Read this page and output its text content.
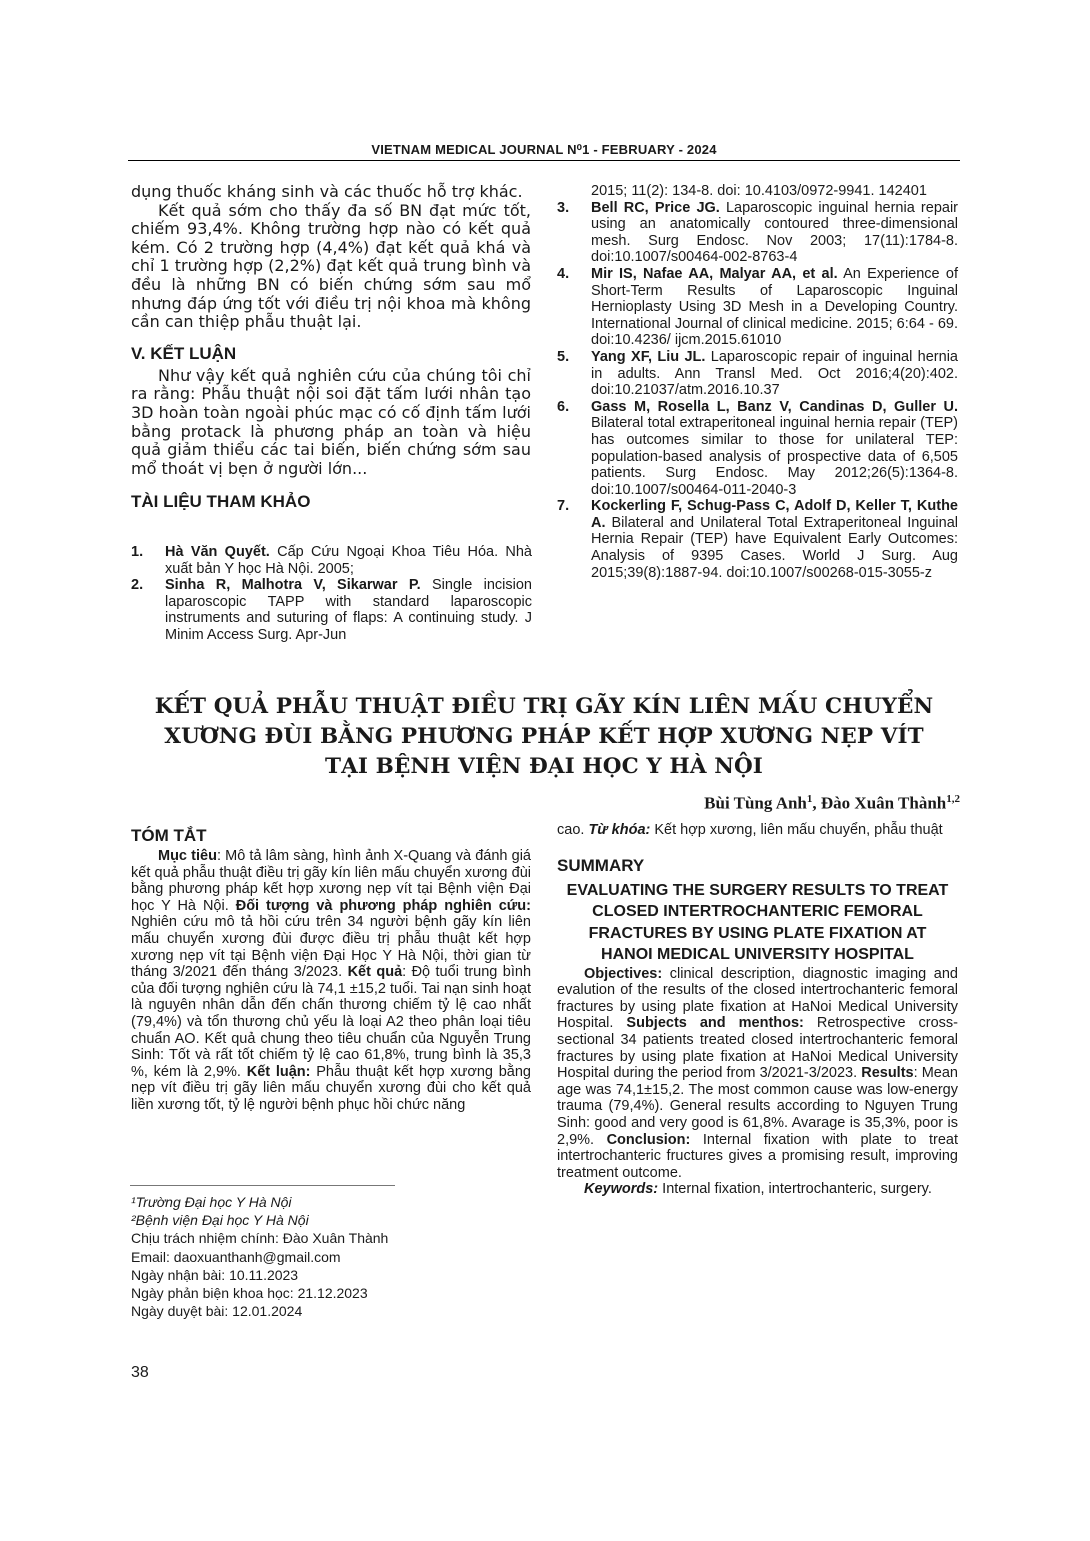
VIETNAM MEDICAL JOURNAL N⁰1 - FEBRUARY - 2024

dụng thuốc kháng sinh và các thuốc hỗ trợ khác.

Kết quả sớm cho thấy đa số BN đạt mức tốt, chiếm 93,4%. Không trường hợp nào có kết quả kém. Có 2 trường hợp (4,4%) đạt kết quả khá và chỉ 1 trường hợp (2,2%) đạt kết quả trung bình và đều là những BN có biến chứng sớm sau mổ nhưng đáp ứng tốt với điều trị nội khoa mà không cần can thiệp phẫu thuật lại.

V. KẾT LUẬN

Như vậy kết quả nghiên cứu của chúng tôi chỉ ra rằng: Phẫu thuật nội soi đặt tấm lưới nhân tạo 3D hoàn toàn ngoài phúc mạc có cố định tấm lưới bằng protack là phương pháp an toàn và hiệu quả giảm thiểu các tai biến, biến chứng sớm sau mổ thoát vị bẹn ở người lớn...

TÀI LIỆU THAM KHẢO

1. Hà Văn Quyết. Cấp Cứu Ngoại Khoa Tiêu Hóa. Nhà xuất bản Y học Hà Nội. 2005;
2. Sinha R, Malhotra V, Sikarwar P. Single incision laparoscopic TAPP with standard laparoscopic instruments and suturing of flaps: A continuing study. J Minim Access Surg. Apr-Jun
2015; 11(2): 134-8. doi: 10.4103/0972-9941. 142401
3. Bell RC, Price JG. Laparoscopic inguinal hernia repair using an anatomically contoured three-dimensional mesh. Surg Endosc. Nov 2003; 17(11):1784-8. doi:10.1007/s00464-002-8763-4
4. Mir IS, Nafae AA, Malyar AA, et al. An Experience of Short-Term Results of Laparoscopic Inguinal Hernioplasty Using 3D Mesh in a Developing Country. International Journal of clinical medicine. 2015; 6:64 - 69. doi:10.4236/ ijcm.2015.61010
5. Yang XF, Liu JL. Laparoscopic repair of inguinal hernia in adults. Ann Transl Med. Oct 2016;4(20):402. doi:10.21037/atm.2016.10.37
6. Gass M, Rosella L, Banz V, Candinas D, Guller U. Bilateral total extraperitoneal inguinal hernia repair (TEP) has outcomes similar to those for unilateral TEP: population-based analysis of prospective data of 6,505 patients. Surg Endosc. May 2012;26(5):1364-8. doi:10.1007/s00464-011-2040-3
7. Kockerling F, Schug-Pass C, Adolf D, Keller T, Kuthe A. Bilateral and Unilateral Total Extraperitoneal Inguinal Hernia Repair (TEP) have Equivalent Early Outcomes: Analysis of 9395 Cases. World J Surg. Aug 2015;39(8):1887-94. doi:10.1007/s00268-015-3055-z
KẾT QUẢ PHẪU THUẬT ĐIỀU TRỊ GÃY KÍN LIÊN MẤU CHUYỂN
XƯƠNG ĐÙI BẰNG PHƯƠNG PHÁP KẾT HỢP XƯƠNG NẸP VÍT
TẠI BỆNH VIỆN ĐẠI HỌC Y HÀ NỘI
Bùi Tùng Anh$^1$, Đào Xuân Thành$^{1,2}$

TÓM TẮT

Mục tiêu: Mô tả lâm sàng, hình ảnh X-Quang và đánh giá kết quả phẫu thuật điều trị gãy kín liên mấu chuyển xương đùi bằng phương pháp kết hợp xương nẹp vít tại Bệnh viện Đại học Y Hà Nội. Đối tượng và phương pháp nghiên cứu: Nghiên cứu mô tả hồi cứu trên 34 người bệnh gãy kín liên mấu chuyển xương đùi được điều trị phẫu thuật kết hợp xương nẹp vít tại Bệnh viện Đại Học Y Hà Nội, thời gian từ tháng 3/2021 đến tháng 3/2023. Kết quả: Độ tuổi trung bình của đối tượng nghiên cứu là 74,1 ±15,2 tuổi. Tai nạn sinh hoạt là nguyên nhân dẫn đến chấn thương chiếm tỷ lệ cao nhất (79,4%) và tổn thương chủ yếu là loại A2 theo phân loại tiêu chuẩn AO. Kết quả chung theo tiêu chuẩn của Nguyễn Trung Sinh: Tốt và rất tốt chiếm tỷ lệ cao 61,8%, trung bình là 35,3 %, kém là 2,9%. Kết luận: Phẫu thuật kết hợp xương bằng nẹp vít điều trị gãy liên mấu chuyển xương đùi cho kết quả liền xương tốt, tỷ lệ người bệnh phục hồi chức năng

¹Trường Đại học Y Hà Nội
²Bệnh viện Đại học Y Hà Nội
Chịu trách nhiệm chính: Đào Xuân Thành
Email: daoxuanthanh@gmail.com
Ngày nhận bài: 10.11.2023
Ngày phản biện khoa học: 21.12.2023
Ngày duyệt bài: 12.01.2024

cao. Từ khóa: Kết hợp xương, liên mấu chuyển, phẫu thuật

SUMMARY

EVALUATING THE SURGERY RESULTS TO TREAT CLOSED INTERTROCHANTERIC FEMORAL FRACTURES BY USING PLATE FIXATION AT HANOI MEDICAL UNIVERSITY HOSPITAL

Objectives: clinical description, diagnostic imaging and evalution of the results of the closed intertrochanteric femoral fractures by using plate fixation at HaNoi Medical University Hospital. Subjects and menthos: Retrospective cross-sectional 34 patients treated closed intertrochanteric femoral fractures by using plate fixation at HaNoi Medical University Hospital during the period from 3/2021-3/2023. Results: Mean age was 74,1±15,2. The most common cause was low-energy trauma (79,4%). General results according to Nguyen Trung Sinh: good and very good is 61,8%. Avarage is 35,3%, poor is 2,9%. Conclusion: Internal fixation with plate to treat intertrochanteric fructures gives a promising result, improving treatment outcome.

Keywords: Internal fixation, intertrochanteric, surgery.

38
